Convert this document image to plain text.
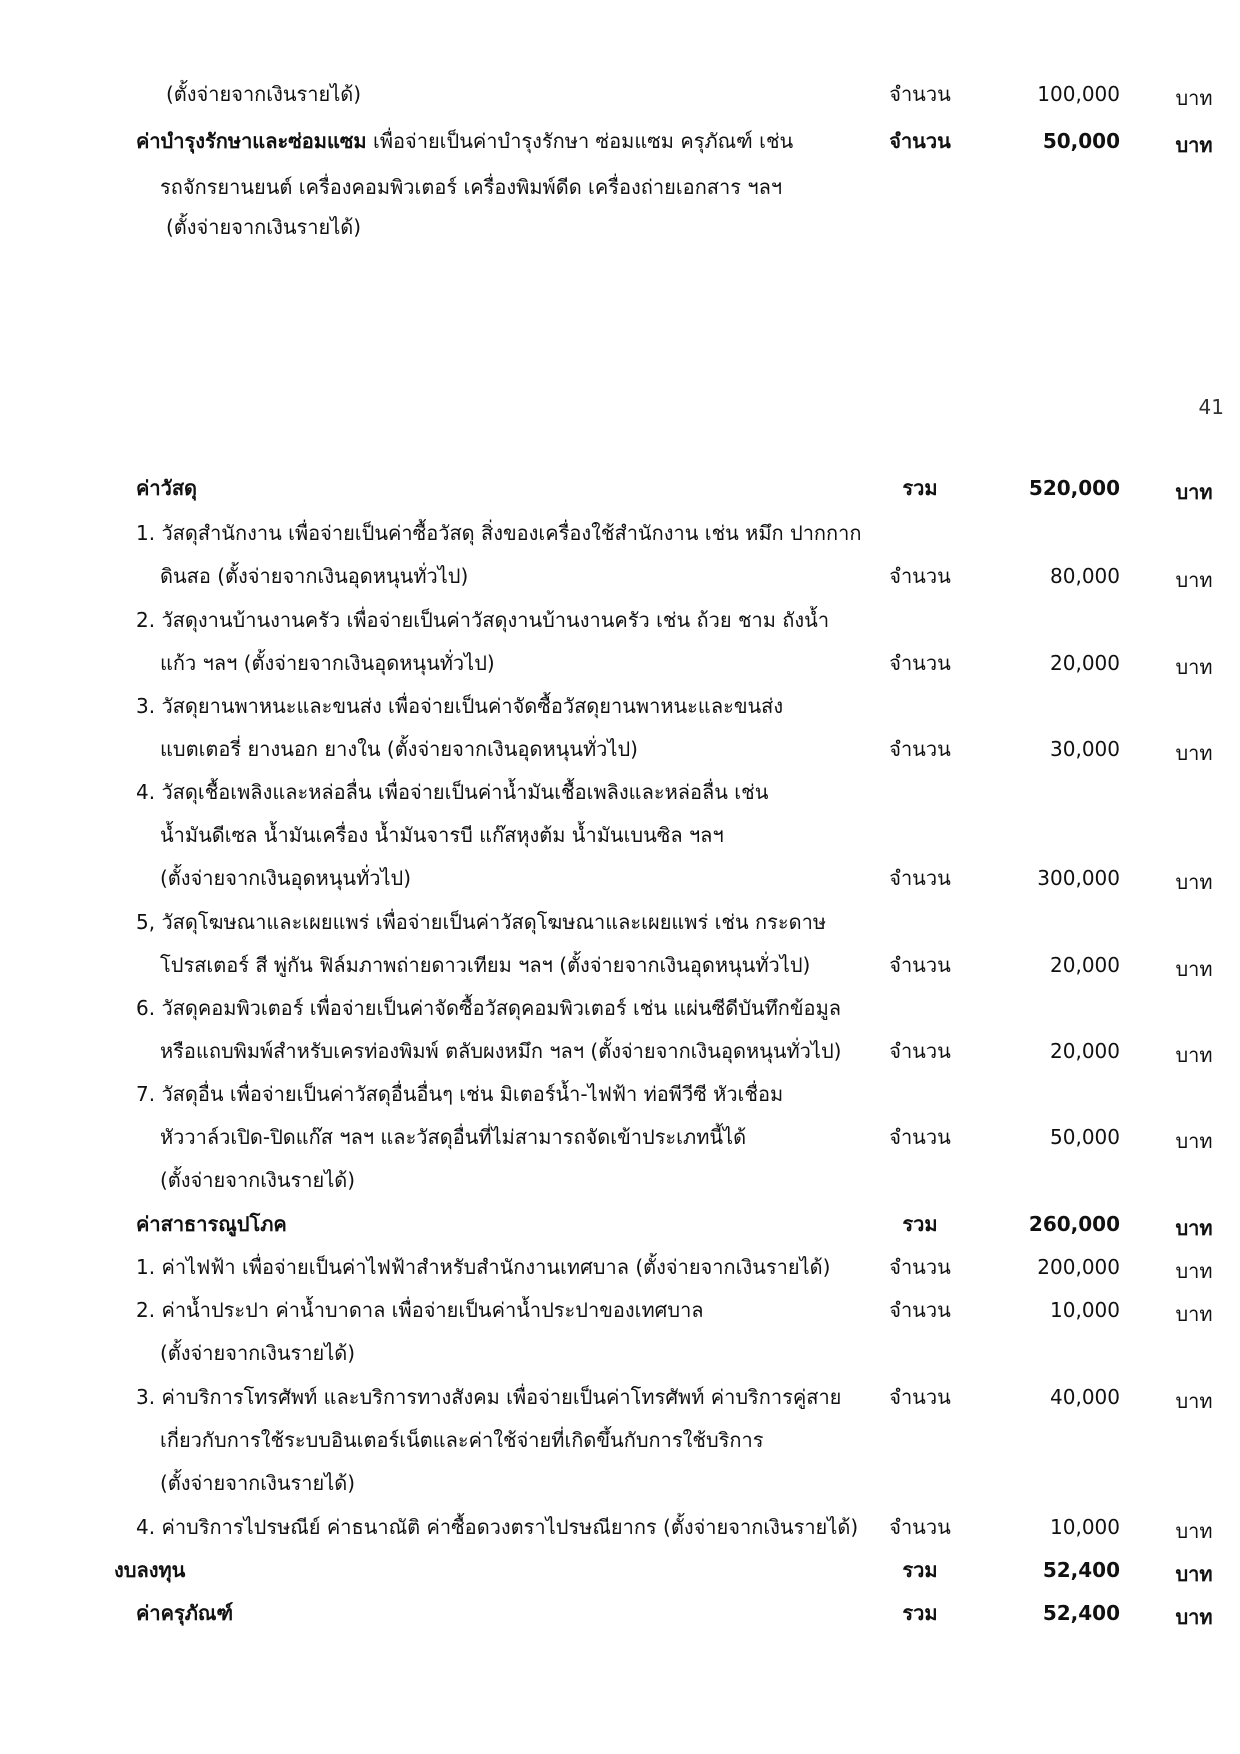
(ตั้งจ่ายจากเงินรายได้)	จำนวน	100,000	บาท
ค่าบำรุงรักษาและซ่อมแซม เพื่อจ่ายเป็นค่าบำรุงรักษา ซ่อมแซม ครุภัณฑ์ เช่น	จำนวน	50,000	บาท
รถจักรยานยนต์ เครื่องคอมพิวเตอร์ เครื่องพิมพ์ดีด เครื่องถ่ายเอกสาร ฯลฯ
(ตั้งจ่ายจากเงินรายได้)
41
ค่าวัสดุ	รวม	520,000	บาท
1. วัสดุสำนักงาน เพื่อจ่ายเป็นค่าซื้อวัสดุ สิ่งของเครื่องใช้สำนักงาน เช่น หมึก ปากกาก
ดินสอ (ตั้งจ่ายจากเงินอุดหนุนทั่วไป)	จำนวน	80,000	บาท
2. วัสดุงานบ้านงานครัว เพื่อจ่ายเป็นค่าวัสดุงานบ้านงานครัว เช่น ถ้วย ชาม ถังน้ำ
แก้ว ฯลฯ (ตั้งจ่ายจากเงินอุดหนุนทั่วไป)	จำนวน	20,000	บาท
3. วัสดุยานพาหนะและขนส่ง เพื่อจ่ายเป็นค่าจัดซื้อวัสดุยานพาหนะและขนส่ง
แบตเตอรี่ ยางนอก ยางใน (ตั้งจ่ายจากเงินอุดหนุนทั่วไป)	จำนวน	30,000	บาท
4. วัสดุเชื้อเพลิงและหล่อลื่น เพื่อจ่ายเป็นค่าน้ำมันเชื้อเพลิงและหล่อลื่น เช่น
น้ำมันดีเซล น้ำมันเครื่อง น้ำมันจารบี แก๊สหุงต้ม น้ำมันเบนซิล ฯลฯ
(ตั้งจ่ายจากเงินอุดหนุนทั่วไป)	จำนวน	300,000	บาท
5, วัสดุโฆษณาและเผยแพร่ เพื่อจ่ายเป็นค่าวัสดุโฆษณาและเผยแพร่ เช่น กระดาษ
โปรสเตอร์ สี พู่กัน ฟิล์มภาพถ่ายดาวเทียม ฯลฯ (ตั้งจ่ายจากเงินอุดหนุนทั่วไป)	จำนวน	20,000	บาท
6. วัสดุคอมพิวเตอร์ เพื่อจ่ายเป็นค่าจัดซื้อวัสดุคอมพิวเตอร์ เช่น แผ่นซีดีบันทึกข้อมูล
หรือแถบพิมพ์สำหรับเครท่องพิมพ์ ตลับผงหมึก ฯลฯ (ตั้งจ่ายจากเงินอุดหนุนทั่วไป)	จำนวน	20,000	บาท
7. วัสดุอื่น เพื่อจ่ายเป็นค่าวัสดุอื่นอื่นๆ เช่น มิเตอร์น้ำ-ไฟฟ้า ท่อพีวีซี หัวเชื่อม
หัววาล์วเปิด-ปิดแก๊ส ฯลฯ และวัสดุอื่นที่ไม่สามารถจัดเข้าประเภทนี้ได้	จำนวน	50,000	บาท
(ตั้งจ่ายจากเงินรายได้)
ค่าสาธารณูปโภค	รวม	260,000	บาท
1. ค่าไฟฟ้า เพื่อจ่ายเป็นค่าไฟฟ้าสำหรับสำนักงานเทศบาล (ตั้งจ่ายจากเงินรายได้)	จำนวน	200,000	บาท
2. ค่าน้ำประปา ค่าน้ำบาดาล เพื่อจ่ายเป็นค่าน้ำประปาของเทศบาล	จำนวน	10,000	บาท
(ตั้งจ่ายจากเงินรายได้)
3. ค่าบริการโทรศัพท์ และบริการทางสังคม เพื่อจ่ายเป็นค่าโทรศัพท์ ค่าบริการคู่สาย	จำนวน	40,000	บาท
เกี่ยวกับการใช้ระบบอินเตอร์เน็ตและค่าใช้จ่ายที่เกิดขึ้นกับการใช้บริการ
(ตั้งจ่ายจากเงินรายได้)
4. ค่าบริการไปรษณีย์ ค่าธนาณัติ ค่าซื้อดวงตราไปรษณียากร (ตั้งจ่ายจากเงินรายได้)	จำนวน	10,000	บาท
งบลงทุน	รวม	52,400	บาท
ค่าครุภัณฑ์	รวม	52,400	บาท
